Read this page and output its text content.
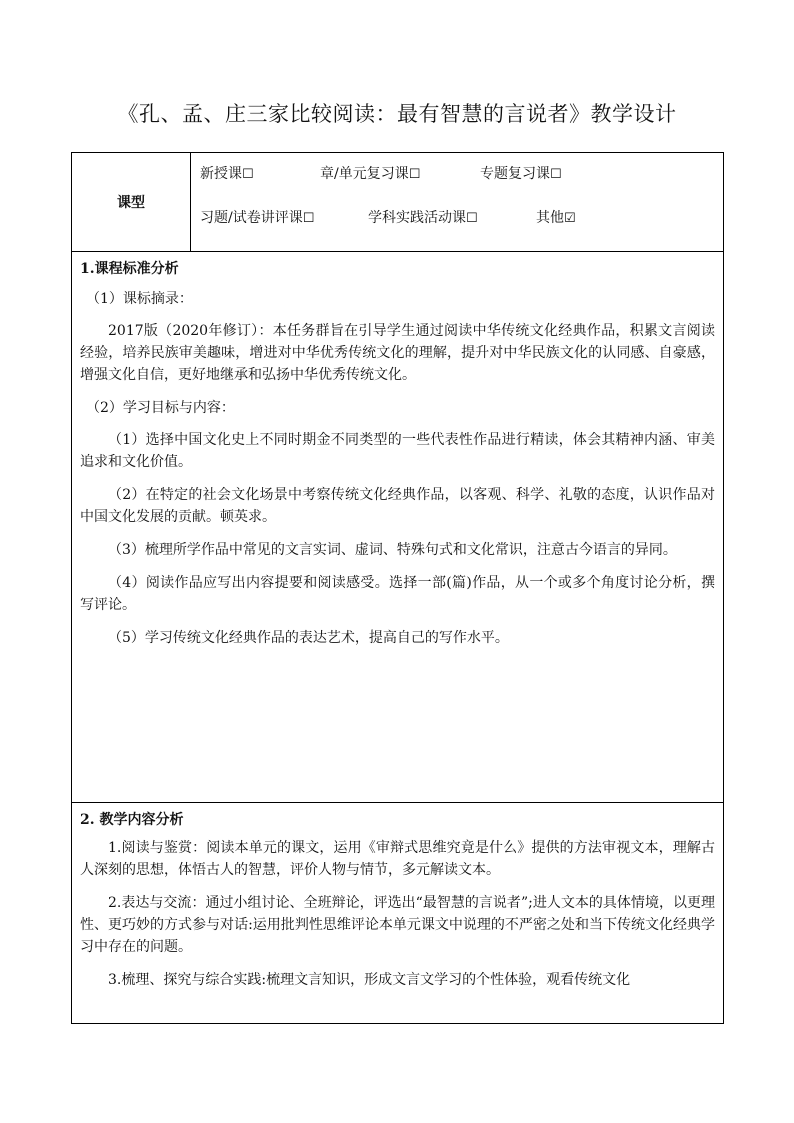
《孔、孟、庄三家比较阅读：最有智慧的言说者》教学设计
课型	
新授课☐	章/单元复习课☐	专题复习课☐
习题/试卷讲评课☐	学科实践活动课☐	其他☑

1.课程标准分析
（1）课标摘录：

2017版（2020年修订）：本任务群旨在引导学生通过阅读中华传统文化经典作品，积累文言阅读经验，培养民族审美趣味，增进对中华优秀传统文化的理解，提升对中华民族文化的认同感、自豪感，增强文化自信，更好地继承和弘扬中华优秀传统文化。

（2）学习目标与内容：

（1）选择中国文化史上不同时期金不同类型的一些代表性作品进行精读，体会其精神内涵、审美追求和文化价值。

（2）在特定的社会文化场景中考察传统文化经典作品，以客观、科学、礼敬的态度，认识作品对中国文化发展的贡献。顿英求。

（3）梳理所学作品中常见的文言实词、虚词、特殊句式和文化常识，注意古今语言的异同。

（4）阅读作品应写出内容提要和阅读感受。选择一部(篇)作品，从一个或多个角度讨论分析，撰写评论。

（5）学习传统文化经典作品的表达艺术，提高自己的写作水平。

2. 教学内容分析

1.阅读与鉴赏：阅读本单元的课文，运用《审辩式思维究竟是什么》提供的方法审视文本，理解古人深刻的思想，体悟古人的智慧，评价人物与情节，多元解读文本。

2.表达与交流：通过小组讨论、全班辩论，评选出“最智慧的言说者”;进人文本的具体情境，以更理性、更巧妙的方式参与对话:运用批判性思维评论本单元课文中说理的不严密之处和当下传统文化经典学习中存在的问题。

3.梳理、探究与综合实践:梳理文言知识，形成文言文学习的个性体验，观看传统文化
